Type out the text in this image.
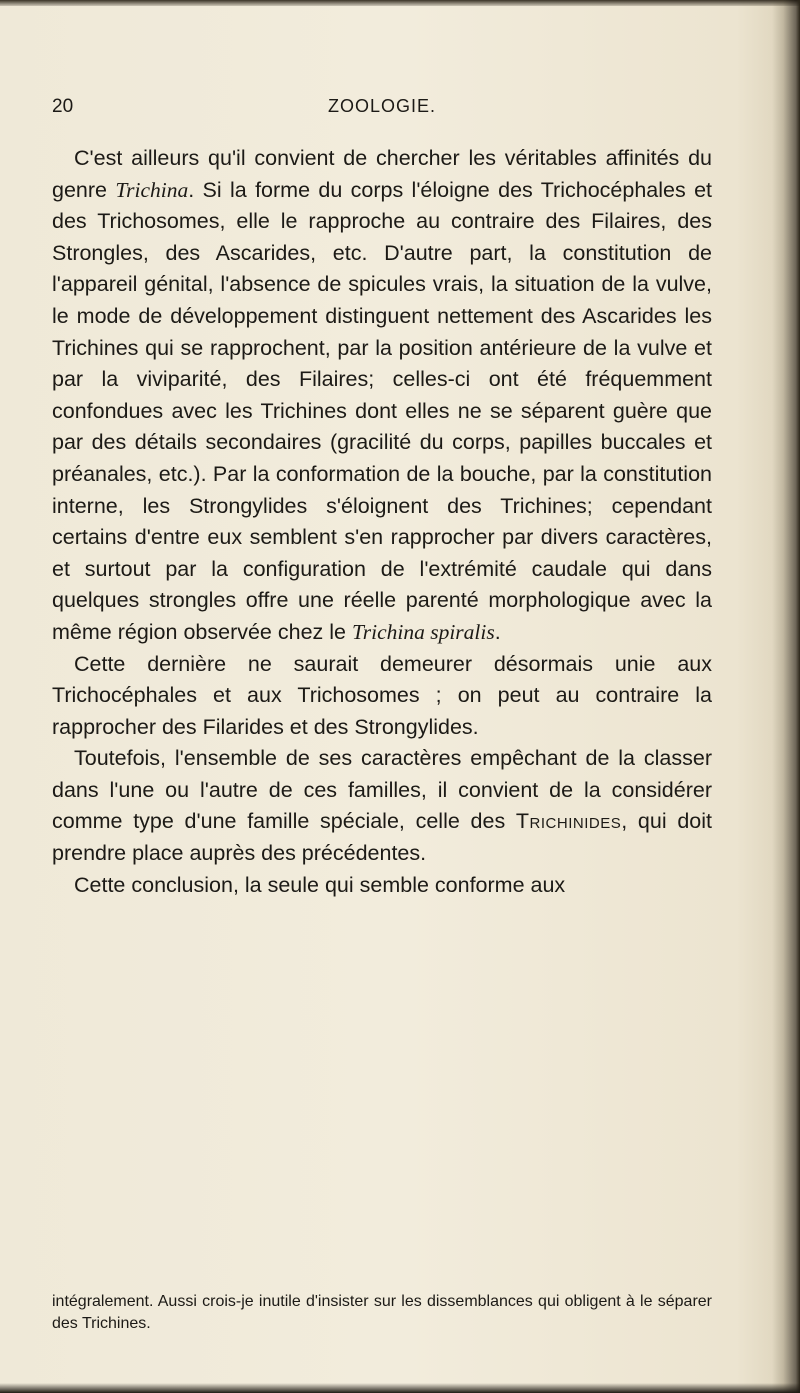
20	ZOOLOGIE.

C'est ailleurs qu'il convient de chercher les véritables affinités du genre Trichina. Si la forme du corps l'éloigne des Trichocéphales et des Trichosomes, elle le rapproche au contraire des Filaires, des Strongles, des Ascarides, etc. D'autre part, la constitution de l'appareil génital, l'absence de spicules vrais, la situation de la vulve, le mode de développement distinguent nettement des Ascarides les Trichines qui se rapprochent, par la position antérieure de la vulve et par la viviparité, des Filaires; celles-ci ont été fréquemment confondues avec les Trichines dont elles ne se séparent guère que par des détails secondaires (gracilité du corps, papilles buccales et préanales, etc.). Par la conformation de la bouche, par la constitution interne, les Strongylides s'éloignent des Trichines; cependant certains d'entre eux semblent s'en rapprocher par divers caractères, et surtout par la configuration de l'extrémité caudale qui dans quelques strongles offre une réelle parenté morphologique avec la même région observée chez le Trichina spiralis.

Cette dernière ne saurait demeurer désormais unie aux Trichocéphales et aux Trichosomes ; on peut au contraire la rapprocher des Filarides et des Strongylides.

Toutefois, l'ensemble de ses caractères empêchant de la classer dans l'une ou l'autre de ces familles, il convient de la considérer comme type d'une famille spéciale, celle des Trichinides, qui doit prendre place auprès des précédentes.

Cette conclusion, la seule qui semble conforme aux

intégralement. Aussi crois-je inutile d'insister sur les dissemblances qui obligent à le séparer des Trichines.
